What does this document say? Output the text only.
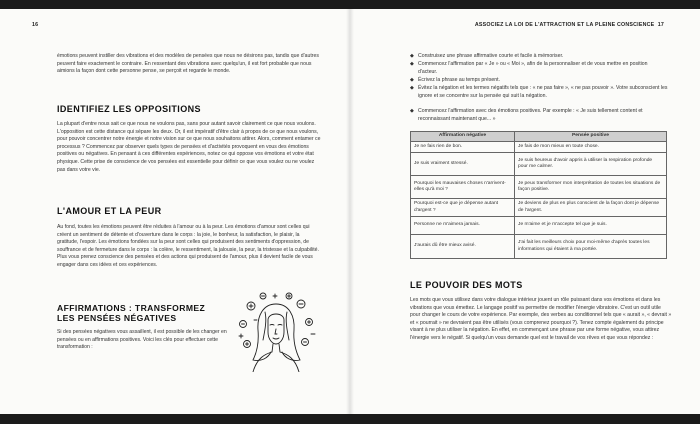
16
émotions peuvent instiller des vibrations et des modèles de pensées que nous ne désirons pas, tandis que d'autres peuvent faire exactement le contraire. En ressentant des vibrations avec quelqu'un, il est fort probable que nous aimions la façon dont cette personne pense, se perçoit et regarde le monde.
IDENTIFIEZ LES OPPOSITIONS
La plupart d'entre nous sait ce que nous ne voulons pas, sans pour autant savoir clairement ce que nous voulons. L'opposition est cette distance qui sépare les deux. Or, il est impératif d'être clair à propos de ce que nous voulons, pour pouvoir concentrer notre énergie et notre vision sur ce que nous souhaitons attirer. Alors, comment entamer ce processus ? Commencez par observer quels types de pensées et d'activités provoquent en vous des émotions positives ou négatives. En pensant à ces différentes expériences, notez ce qui oppose vos émotions et votre état physique. Cette prise de conscience de vos pensées est essentielle pour définir ce que vous voulez ou ne voulez pas dans votre vie.
L'AMOUR ET LA PEUR
Au fond, toutes les émotions peuvent être réduites à l'amour ou à la peur. Les émotions d'amour sont celles qui créent un sentiment de détente et d'ouverture dans le corps : la joie, le bonheur, la satisfaction, le plaisir, la gratitude, l'espoir. Les émotions fondées sur la peur sont celles qui produisent des sentiments d'oppression, de souffrance et de fermeture dans le corps : la colère, le ressentiment, la jalousie, la peur, la tristesse et la culpabilité. Plus vous prenez conscience des pensées et des actions qui produisent de l'amour, plus il devient facile de vous engager dans ces idées et ces expériences.
AFFIRMATIONS : TRANSFORMEZ
LES PENSÉES NÉGATIVES
Si des pensées négatives vous assaillent, il est possible de les changer en pensées ou en affirmations positives. Voici les clés pour effectuer cette transformation :
ASSOCIEZ LA LOI DE L'ATTRACTION ET LA PLEINE CONSCIENCE 17
◆ Construisez une phrase affirmative courte et facile à mémoriser.
◆ Commencez l'affirmation par « Je » ou « Moi », afin de la personnaliser et de vous mettre en position d'acteur.
◆ Écrivez la phrase au temps présent.
◆ Évitez la négation et les termes négatifs tels que : « ne pas faire », « ne pas pouvoir ». Votre subconscient les ignore et se concentre sur la pensée qui suit la négation.
◆ Commencez l'affirmation avec des émotions positives. Par exemple : « Je suis tellement content et reconnaissant maintenant que... »
Affirmation négative	Pensée positive
Je ne fais rien de bon.	Je fais de mon mieux en toute chose.
Je suis vraiment stressé.	Je suis heureux d'avoir appris à utiliser la respiration profonde pour me calmer.
Pourquoi les mauvaises choses n'arrivent-elles qu'à moi ?	Je peux transformer mon interprétation de toutes les situations de façon positive.
Pourquoi est-ce que je dépense autant d'argent ?	Je deviens de plus en plus conscient de la façon dont je dépense de l'argent.
Personne ne m'aimera jamais.	Je m'aime et je m'accepte tel que je suis.
J'aurais dû être mieux avisé.	J'ai fait les meilleurs choix pour moi-même d'après toutes les informations qui étaient à ma portée.
LE POUVOIR DES MOTS
Les mots que vous utilisez dans votre dialogue intérieur jouent un rôle puissant dans vos émotions et dans les vibrations que vous émettez. Le langage positif va permettre de modifier l'énergie vibratoire. C'est un outil utile pour changer le cours de votre expérience. Par exemple, des verbes au conditionnel tels que « aurait », « devrait » et « pourrait » ne devraient pas être utilisés (vous comprenez pourquoi ?). Tenez compte également du principe visant à ne plus utiliser la négation. En effet, en commençant une phrase par une forme négative, vous attirez l'énergie vers le négatif. Si quelqu'un vous demande quel est le travail de vos rêves et que vous répondez :
